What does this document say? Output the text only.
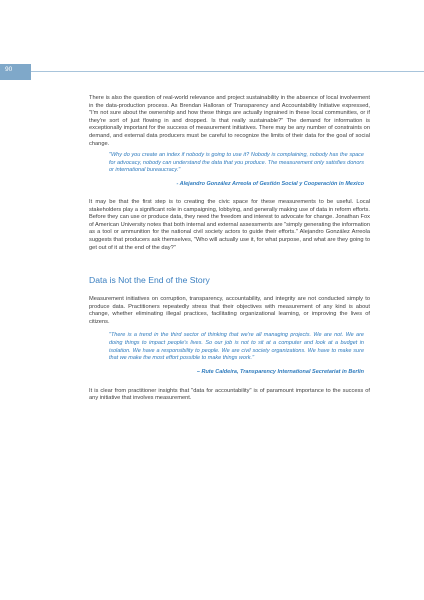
90

There is also the question of real-world relevance and project sustainability in the absence of local involvement in the data-production process. As Brendan Halloran of Transparency and Accountability Initiative expressed, "I'm not sure about the ownership and how these things are actually ingrained in these local communities, or if they're sort of just flowing in and dropped. Is that really sustainable?" The demand for information is exceptionally important for the success of measurement initiatives. There may be any number of constraints on demand, and external data producers must be careful to recognize the limits of their data for the goal of social change.

"Why do you create an index if nobody is going to use it? Nobody is complaining, nobody has the space for advocacy, nobody can understand the data that you produce. The measurement only satisfies donors or international bureaucracy."
- Alejandro González Arreola of Gestión Social y Cooperación in Mexico

It may be that the first step is to creating the civic space for these measurements to be useful. Local stakeholders play a significant role in campaigning, lobbying, and generally making use of data in reform efforts. Before they can use or produce data, they need the freedom and interest to advocate for change. Jonathan Fox of American University notes that both internal and external assessments are "simply generating the information as a tool or ammunition for the national civil society actors to guide their efforts." Alejandro González Arreola suggests that producers ask themselves, "Who will actually use it, for what purpose, and what are they going to get out of it at the end of the day?"

Data is Not the End of the Story

Measurement initiatives on corruption, transparency, accountability, and integrity are not conducted simply to produce data. Practitioners repeatedly stress that their objectives with measurement of any kind is about change, whether eliminating illegal practices, facilitating organizational learning, or improving the lives of citizens.

"There is a trend in the third sector of thinking that we're all managing projects. We are not. We are doing things to impact people's lives. So our job is not to sit at a computer and look at a budget in isolation. We have a responsibility to people. We are civil society organizations. We have to make sure that we make the most effort possible to make things work."
– Rute Caldeira, Transparency International Secretariat in Berlin

It is clear from practitioner insights that "data for accountability" is of paramount importance to the success of any initiative that involves measurement.
